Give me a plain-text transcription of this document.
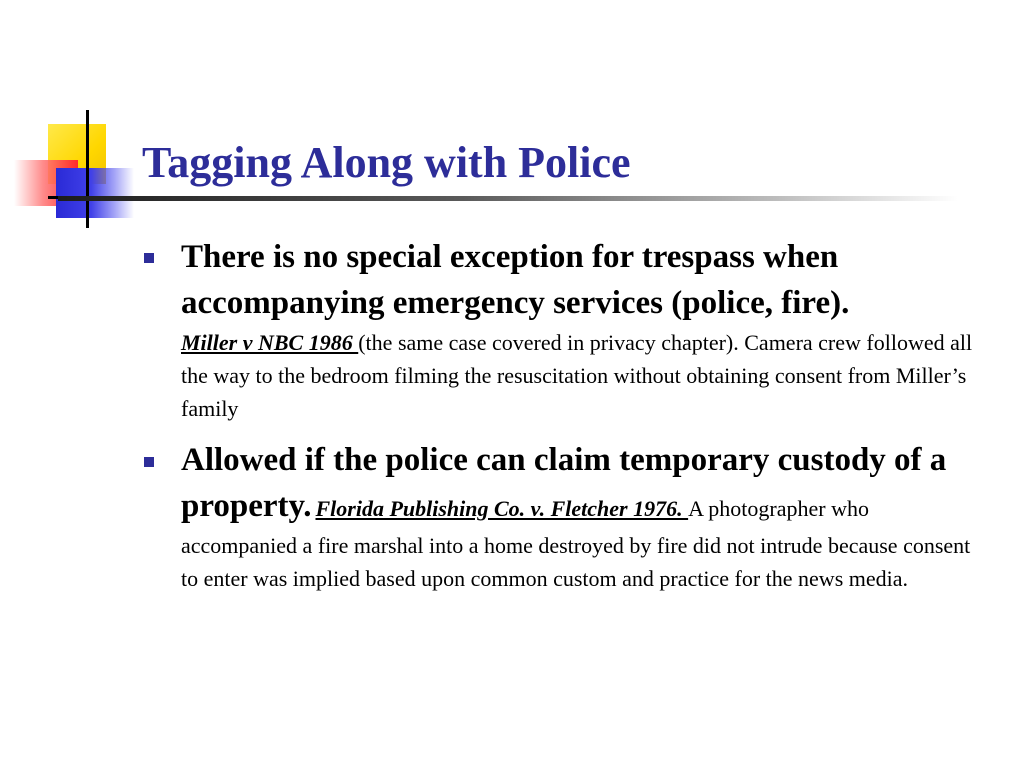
Tagging Along with Police
There is no special exception for trespass when accompanying emergency services (police, fire).
Miller v NBC 1986 (the same case covered in privacy chapter). Camera crew followed all the way to the bedroom filming the resuscitation without obtaining consent from Miller’s family
Allowed if the police can claim temporary custody of a property. Florida Publishing Co. v. Fletcher 1976. A photographer who accompanied a fire marshal into a home destroyed by fire did not intrude because consent to enter was implied based upon common custom and practice for the news media.
